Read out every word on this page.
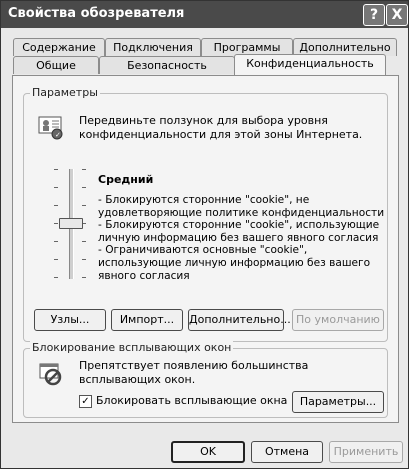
Свойства обозревателя	? X
Содержание	Подключения	Программы	Дополнительно
Общие	Безопасность	Конфиденциальность
Параметры
✓
Передвиньте ползунок для выбора уровня конфиденциальности для этой зоны Интернета.
Средний
- Блокируются сторонние "cookie", не удовлетворяющие политике конфиденциальности
- Блокируются сторонние "cookie", использующие личную информацию без вашего явного согласия
- Ограничиваются основные "cookie", использующие личную информацию без вашего явного согласия
Узлы...	Импорт...	Дополнительно... По умолчанию
Блокирование всплывающих окон
Препятствует появлению большинства всплывающих окон.
✓ Блокировать всплывающие окна	Параметры...
OK	Отмена	Применить
